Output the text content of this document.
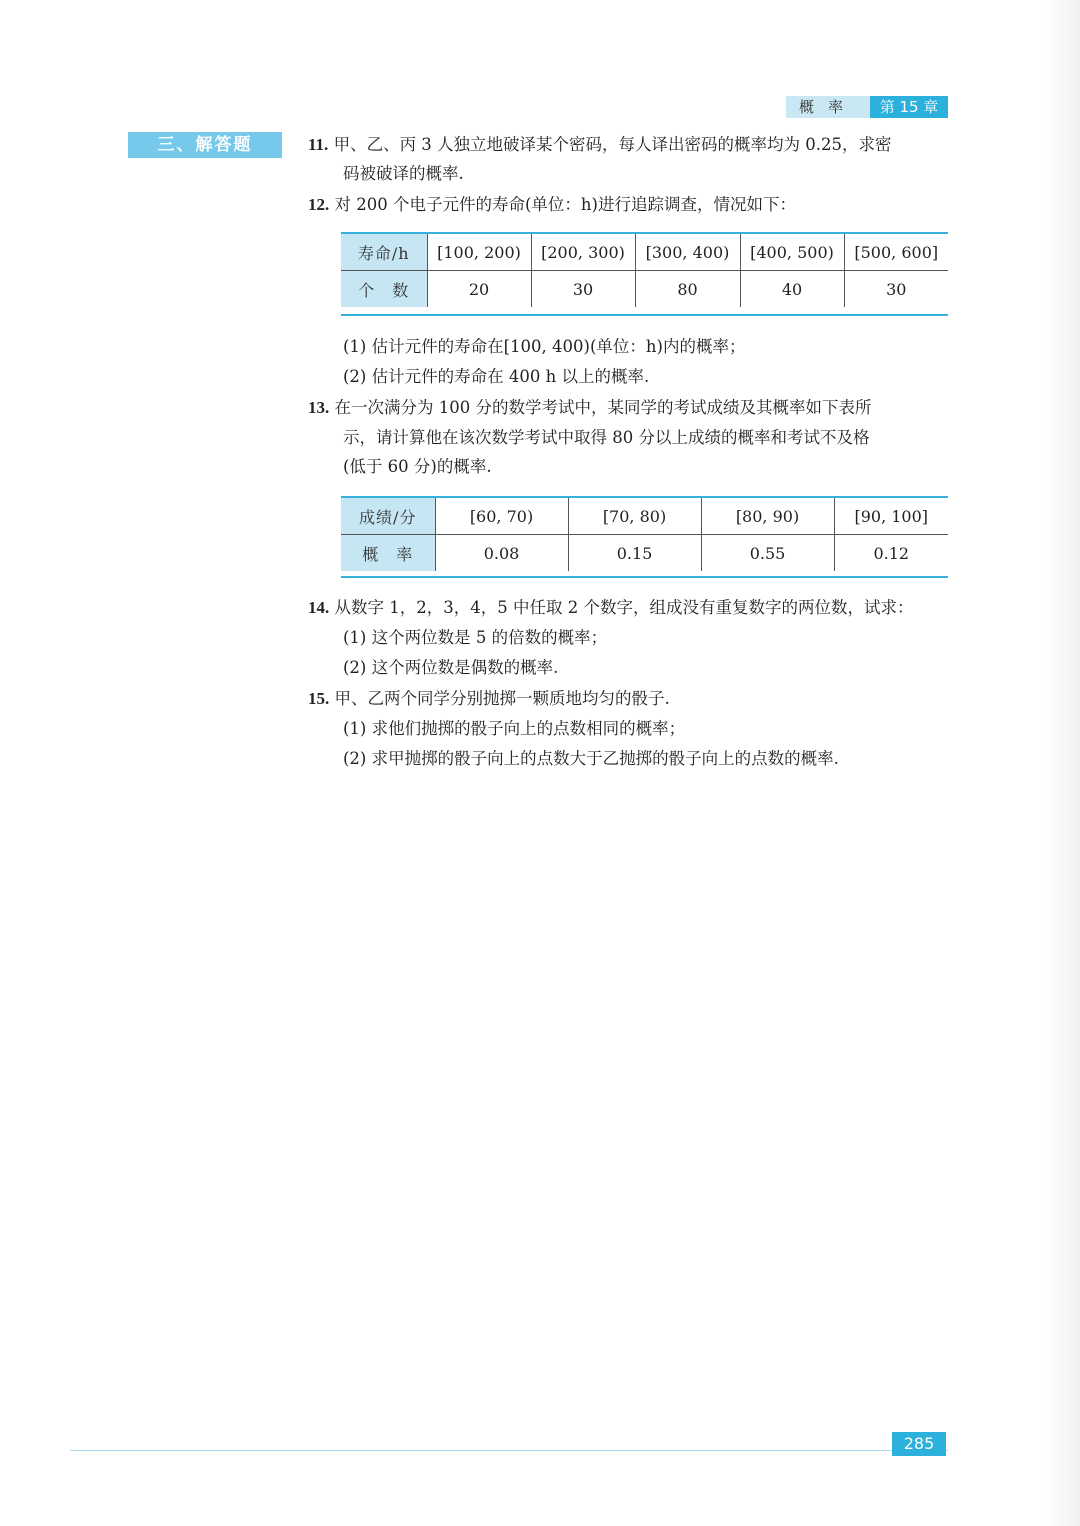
概率	第 15 章
三、解答题	11. 甲、乙、丙 3 人独立地破译某个密码，每人译出密码的概率均为 0.25，求密
码被破译的概率.
12. 对 200 个电子元件的寿命(单位：h)进行追踪调查，情况如下：
寿命/h	[100, 200)	[200, 300)	[300, 400)	[400, 500)	[500, 600]
个　数	20	30	80	40	30
(1) 估计元件的寿命在[100, 400)(单位：h)内的概率；
(2) 估计元件的寿命在 400 h 以上的概率.
13. 在一次满分为 100 分的数学考试中，某同学的考试成绩及其概率如下表所
示，请计算他在该次数学考试中取得 80 分以上成绩的概率和考试不及格
(低于 60 分)的概率.
成绩/分	[60, 70)	[70, 80)	[80, 90)	[90, 100]
概　率	0.08	0.15	0.55	0.12
14. 从数字 1，2，3，4，5 中任取 2 个数字，组成没有重复数字的两位数，试求：
(1) 这个两位数是 5 的倍数的概率；
(2) 这个两位数是偶数的概率.
15. 甲、乙两个同学分别抛掷一颗质地均匀的骰子.
(1) 求他们抛掷的骰子向上的点数相同的概率；
(2) 求甲抛掷的骰子向上的点数大于乙抛掷的骰子向上的点数的概率.
285
